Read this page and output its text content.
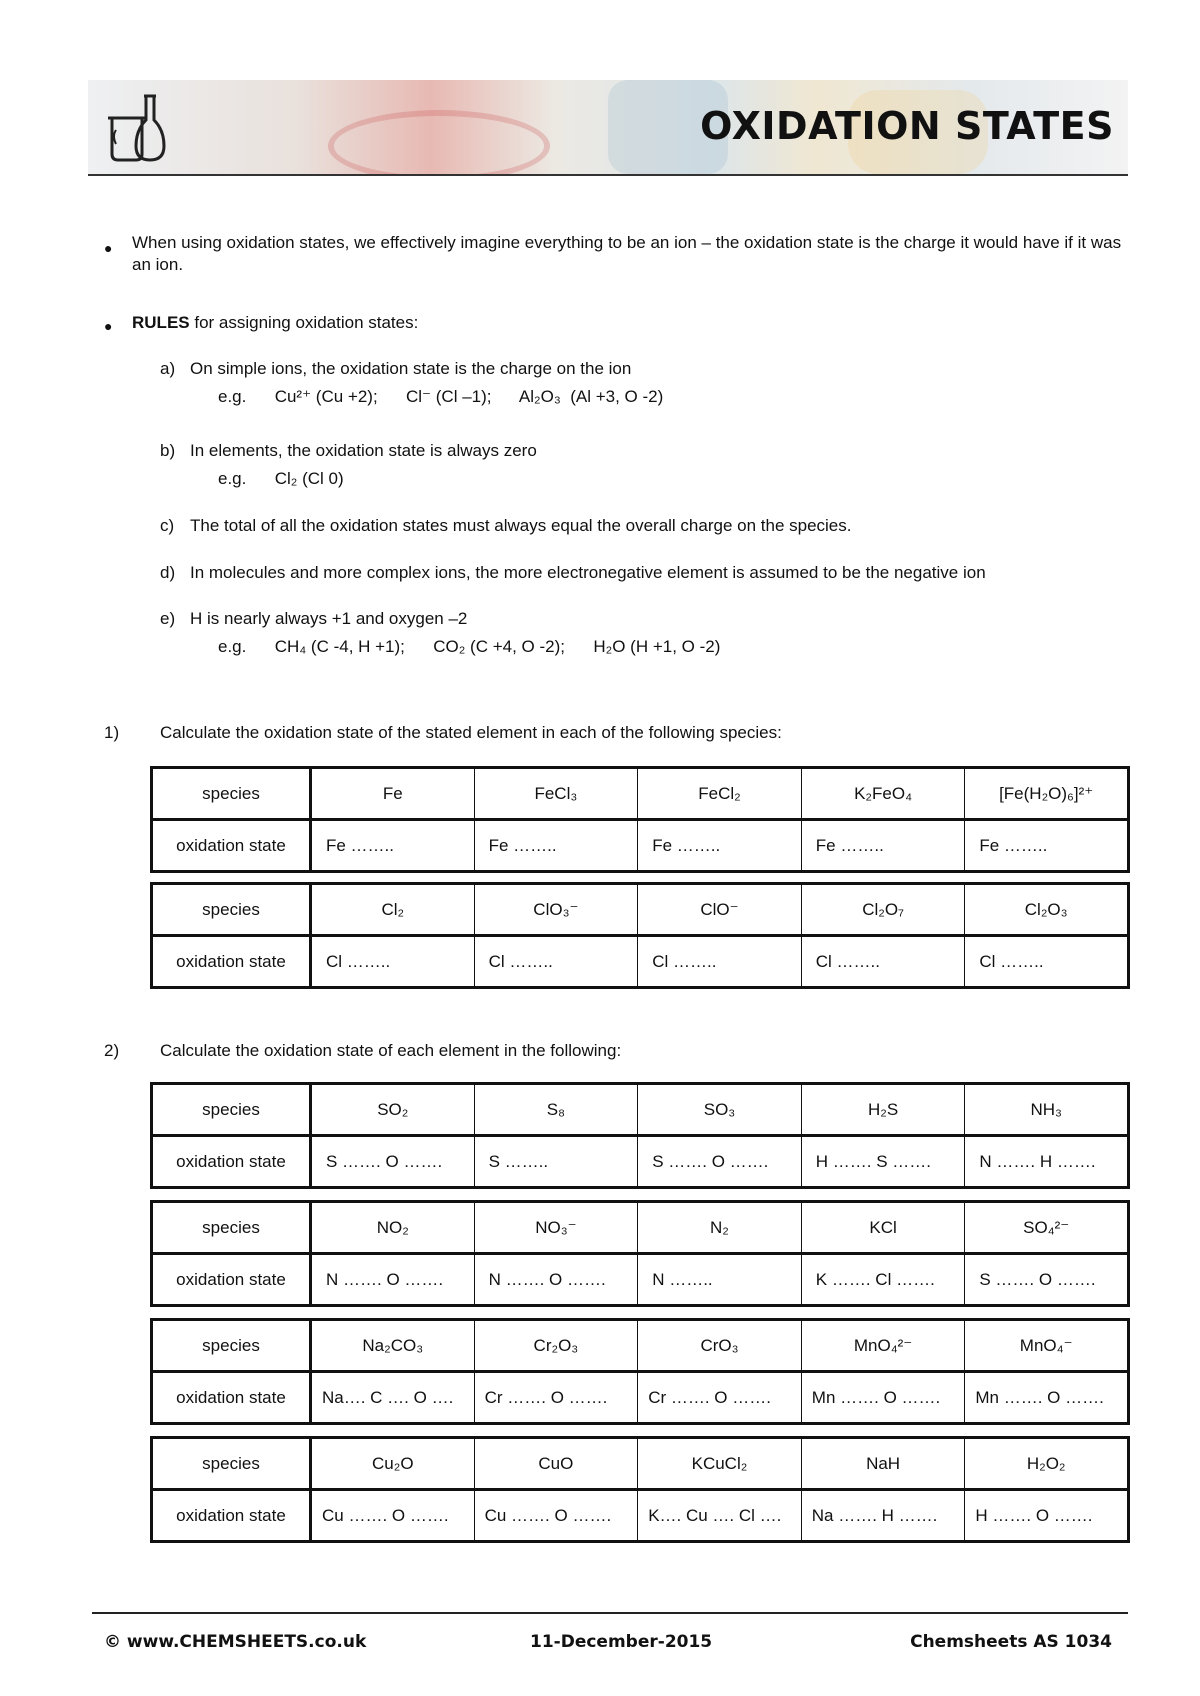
OXIDATION STATES
● When using oxidation states, we effectively imagine everything to be an ion – the oxidation state is the charge it would have if it was an ion.
● RULES for assigning oxidation states:
a) On simple ions, the oxidation state is the charge on the ion
e.g.      Cu²⁺ (Cu +2);      Cl⁻ (Cl –1);      Al₂O₃  (Al +3, O -2)
b) In elements, the oxidation state is always zero
e.g.      Cl₂ (Cl 0)
c) The total of all the oxidation states must always equal the overall charge on the species.
d) In molecules and more complex ions, the more electronegative element is assumed to be the negative ion
e) H is nearly always +1 and oxygen –2
e.g.      CH₄ (C -4, H +1);      CO₂ (C +4, O -2);      H₂O (H +1, O -2)
1) Calculate the oxidation state of the stated element in each of the following species:
species	Fe	FeCl₃	FeCl₂	K₂FeO₄	[Fe(H₂O)₆]²⁺
oxidation state	Fe ……..	Fe ……..	Fe ……..	Fe ……..	Fe ……..
species	Cl₂	ClO₃⁻	ClO⁻	Cl₂O₇	Cl₂O₃
oxidation state	Cl ……..	Cl ……..	Cl ……..	Cl ……..	Cl ……..
2) Calculate the oxidation state of each element in the following:
species	SO₂	S₈	SO₃	H₂S	NH₃
oxidation state	S ……. O …….	S ……..	S ……. O …….	H ……. S …….	N ……. H …….
species	NO₂	NO₃⁻	N₂	KCl	SO₄²⁻
oxidation state	N ……. O …….	N ……. O …….	N ……..	K ……. Cl …….	S ……. O …….
species	Na₂CO₃	Cr₂O₃	CrO₃	MnO₄²⁻	MnO₄⁻
oxidation state	Na…. C …. O ….	Cr ……. O …….	Cr ……. O …….	Mn ……. O …….	Mn ……. O …….
species	Cu₂O	CuO	KCuCl₂	NaH	H₂O₂
oxidation state	Cu ……. O …….	Cu ……. O …….	K…. Cu …. Cl ….	Na ……. H …….	H ……. O …….
© www.CHEMSHEETS.co.uk	11-December-2015	Chemsheets AS 1034
